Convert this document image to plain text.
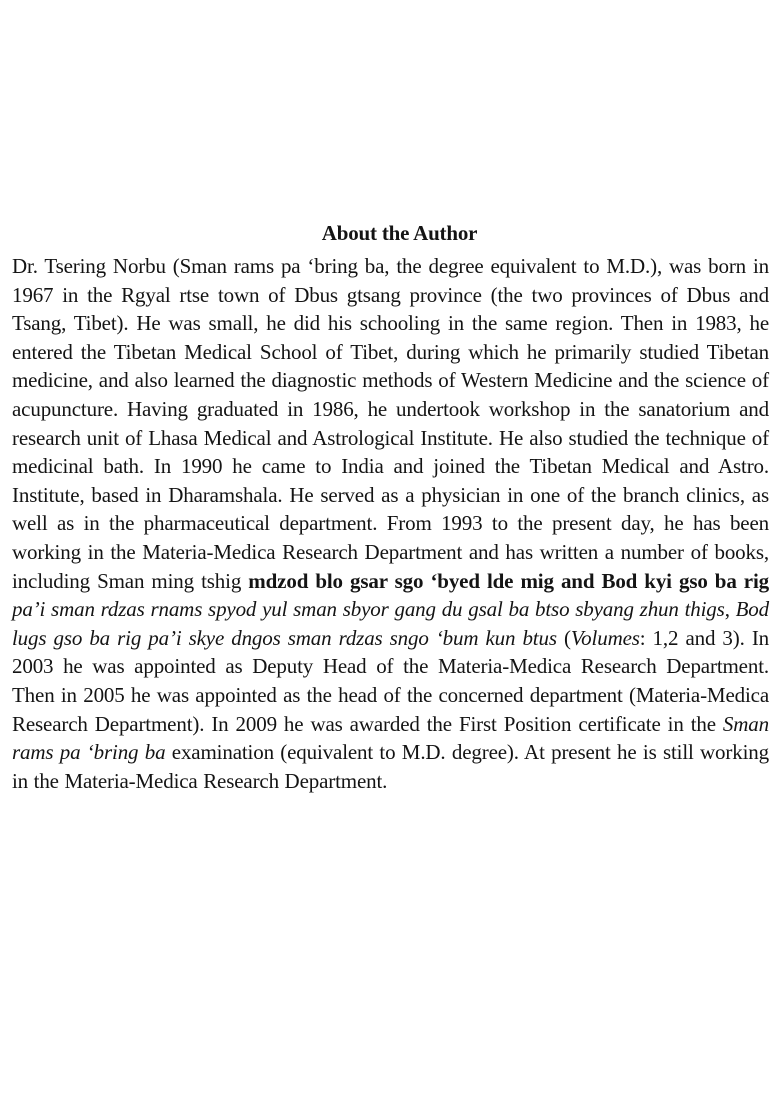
About the Author

Dr. Tsering Norbu (Sman rams pa ‘bring ba, the degree equivalent to M.D.), was born in 1967 in the Rgyal rtse town of Dbus gtsang province (the two provinces of Dbus and Tsang, Tibet). He was small, he did his schooling in the same region. Then in 1983, he entered the Tibetan Medical School of Tibet, during which he primarily studied Tibetan medicine, and also learned the diagnostic methods of Western Medicine and the science of acupuncture. Having graduated in 1986, he undertook workshop in the sanatorium and research unit of Lhasa Medical and Astrological Institute. He also studied the technique of medicinal bath. In 1990 he came to India and joined the Tibetan Medical and Astro. Institute, based in Dharamshala. He served as a physician in one of the branch clinics, as well as in the pharmaceutical department. From 1993 to the present day, he has been working in the Materia-Medica Research Department and has written a number of books, including Sman ming tshig mdzod blo gsar sgo ‘byed lde mig and Bod kyi gso ba rig pa’i sman rdzas rnams spyod yul sman sbyor gang du gsal ba btso sbyang zhun thigs, Bod lugs gso ba rig pa’i skye dngos sman rdzas sngo ‘bum kun btus (Volumes: 1,2 and 3). In 2003 he was appointed as Deputy Head of the Materia-Medica Research Department. Then in 2005 he was appointed as the head of the concerned department (Materia-Medica Research Department). In 2009 he was awarded the First Position certificate in the Sman rams pa ‘bring ba examination (equivalent to M.D. degree). At present he is still working in the Materia-Medica Research Department.
